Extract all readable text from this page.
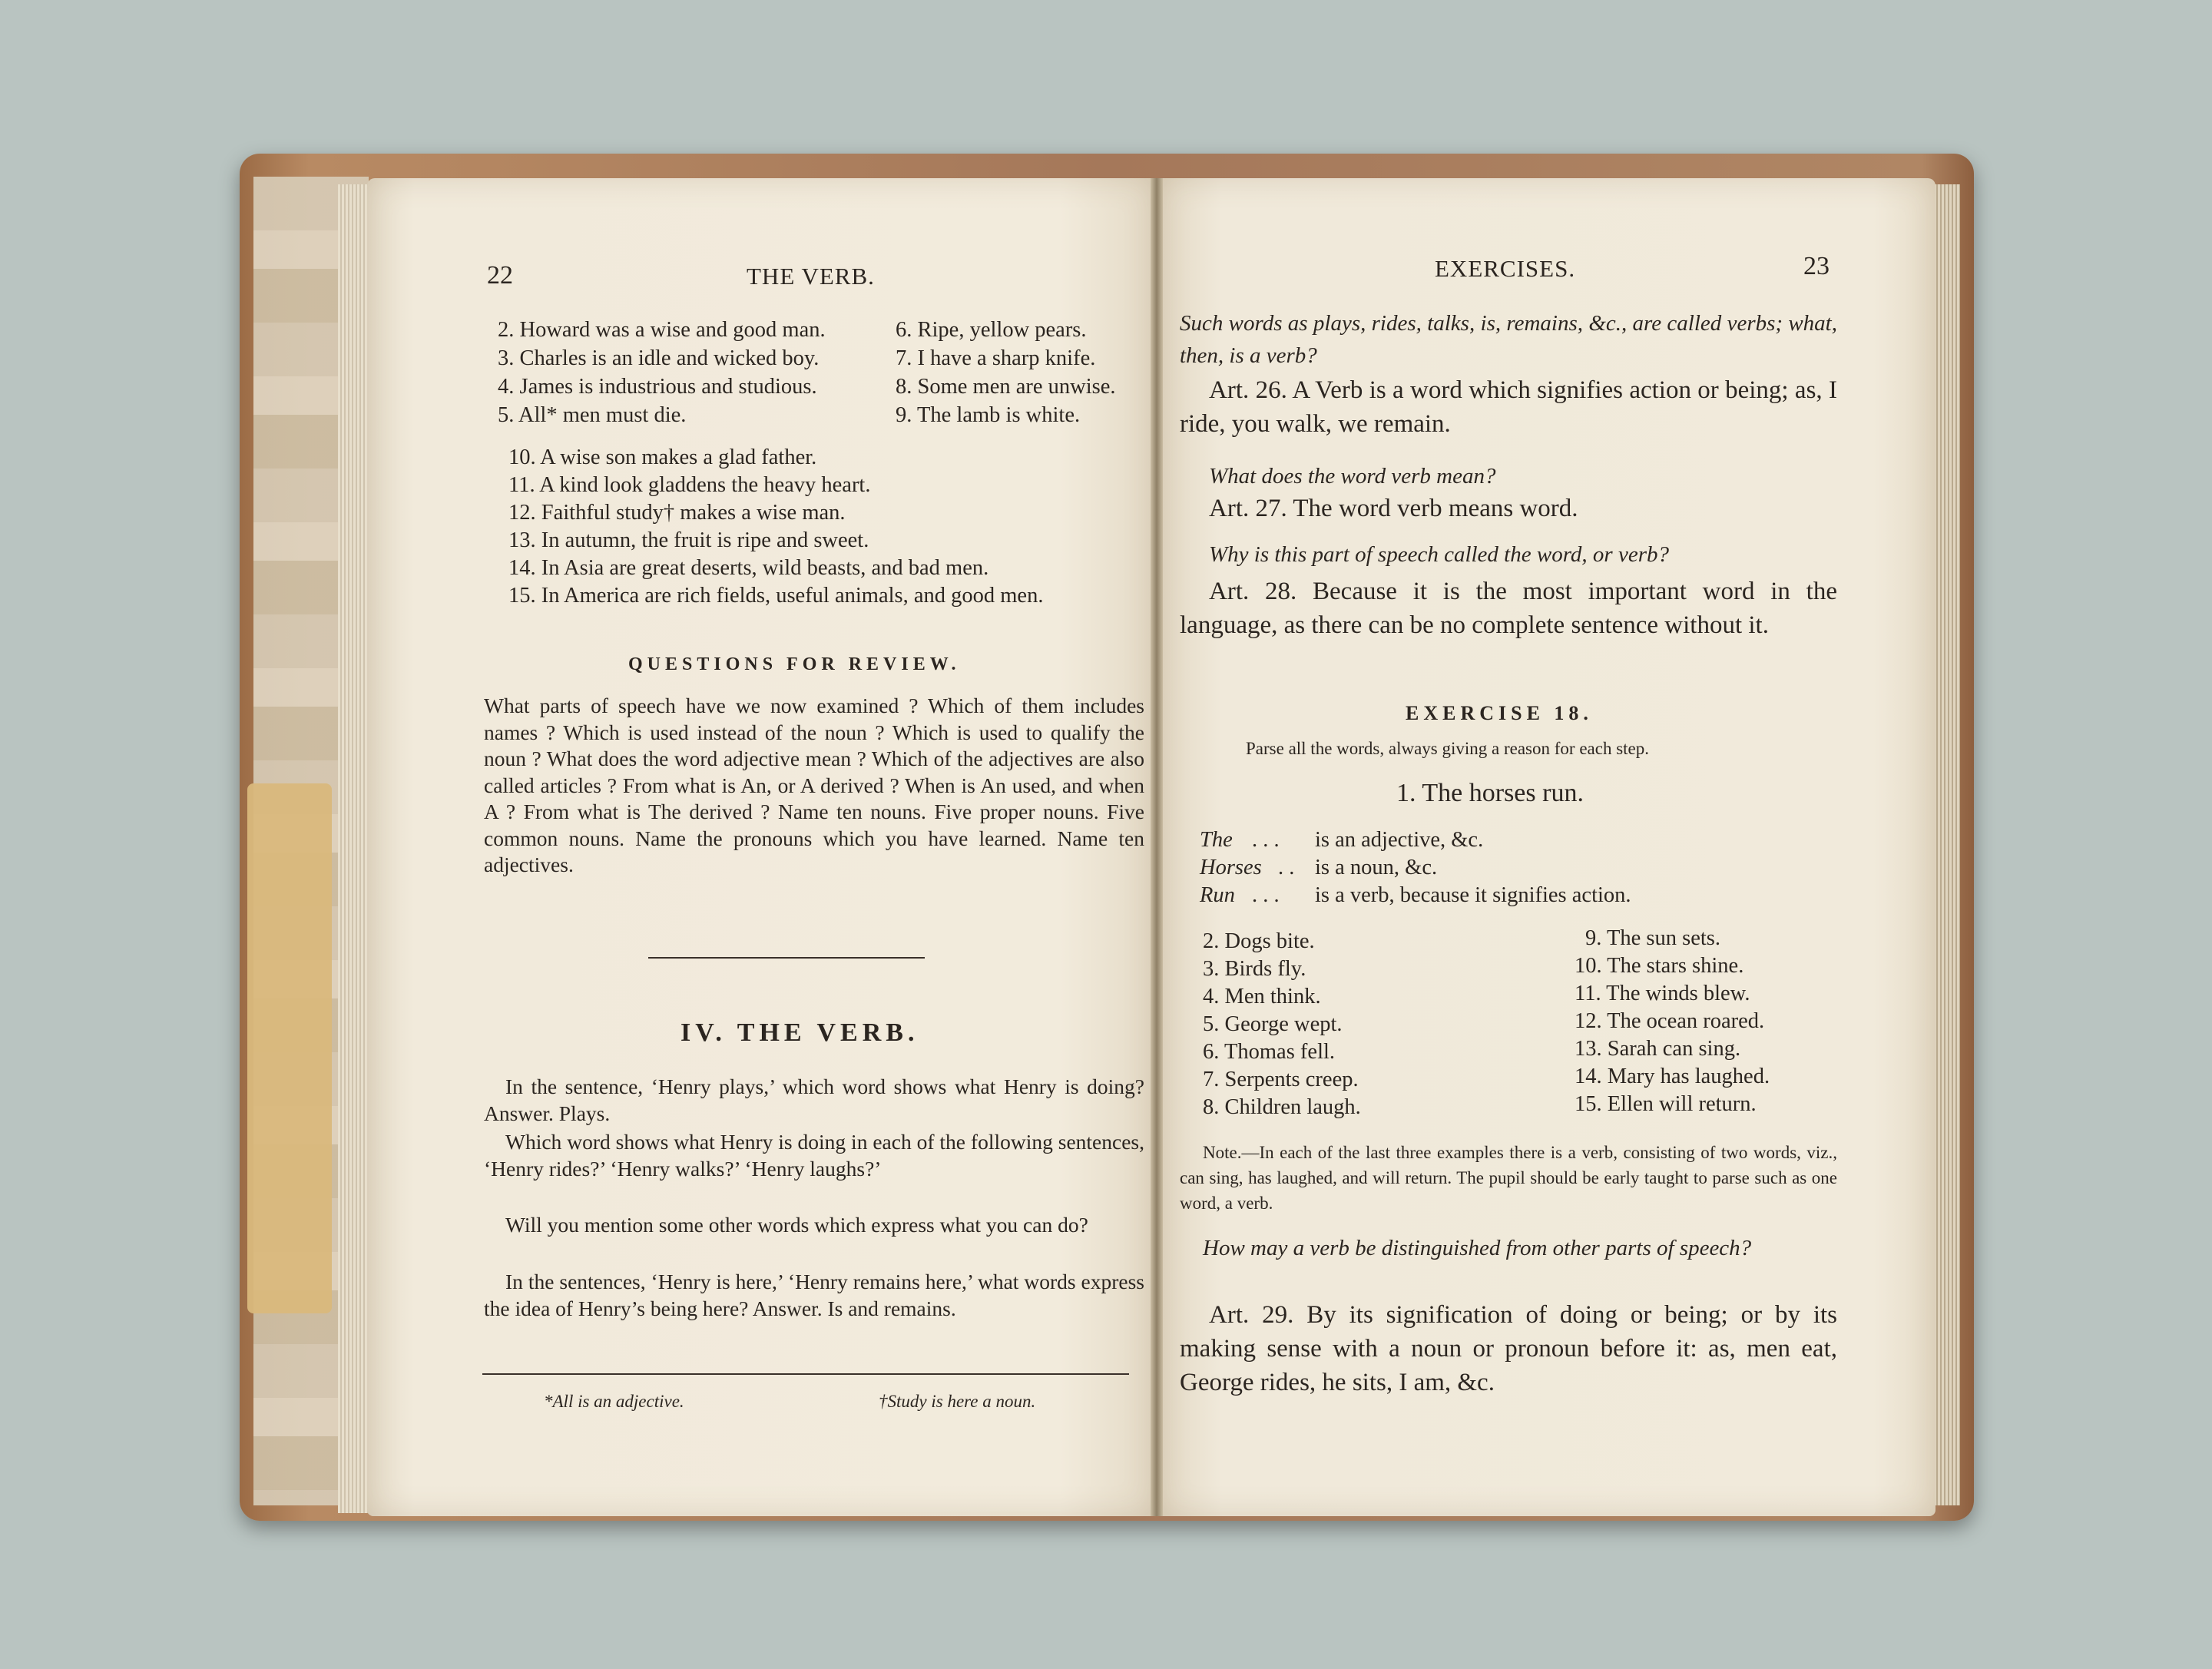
22	THE VERB.
2. Howard was a wise and good man.
3. Charles is an idle and wicked boy.
4. James is industrious and studious.
5. All* men must die.
6. Ripe, yellow pears.
7. I have a sharp knife.
8. Some men are unwise.
9. The lamb is white.
10. A wise son makes a glad father.
11. A kind look gladdens the heavy heart.
12. Faithful study† makes a wise man.
13. In autumn, the fruit is ripe and sweet.
14. In Asia are great deserts, wild beasts, and bad men.
15. In America are rich fields, useful animals, and good men.
QUESTIONS FOR REVIEW.
What parts of speech have we now examined ? Which of them includes names ? Which is used instead of the noun ? Which is used to qualify the noun ? What does the word adjective mean ? Which of the adjectives are also called articles ? From what is An, or A derived ? When is An used, and when A ? From what is The derived ? Name ten nouns. Five proper nouns. Five common nouns. Name the pronouns which you have learned. Name ten adjectives.
IV. THE VERB.
In the sentence, ‘Henry plays,’ which word shows what Henry is doing? Answer. Plays.
Which word shows what Henry is doing in each of the following sentences, ‘Henry rides?’ ‘Henry walks?’ ‘Henry laughs?’
Will you mention some other words which express what you can do?
In the sentences, ‘Henry is here,’ ‘Henry remains here,’ what words express the idea of Henry’s being here? Answer. Is and remains.
*All is an adjective.	†Study is here a noun.
EXERCISES.	23
Such words as plays, rides, talks, is, remains, &c., are called verbs; what, then, is a verb?
Art. 26. A Verb is a word which signifies action or being; as, I ride, you walk, we remain.
What does the word verb mean?
Art. 27. The word verb means word.
Why is this part of speech called the word, or verb?
Art. 28. Because it is the most important word in the language, as there can be no complete sentence without it.
EXERCISE 18.
Parse all the words, always giving a reason for each step.
1. The horses run.
The . . . is an adjective, &c.
Horses . . is a noun, &c.
Run . . . is a verb, because it signifies action.
2. Dogs bite.
3. Birds fly.
4. Men think.
5. George wept.
6. Thomas fell.
7. Serpents creep.
8. Children laugh.
9. The sun sets.
10. The stars shine.
11. The winds blew.
12. The ocean roared.
13. Sarah can sing.
14. Mary has laughed.
15. Ellen will return.
Note.—In each of the last three examples there is a verb, consisting of two words, viz., can sing, has laughed, and will return. The pupil should be early taught to parse such as one word, a verb.
How may a verb be distinguished from other parts of speech?
Art. 29. By its signification of doing or being; or by its making sense with a noun or pronoun before it: as, men eat, George rides, he sits, I am, &c.
